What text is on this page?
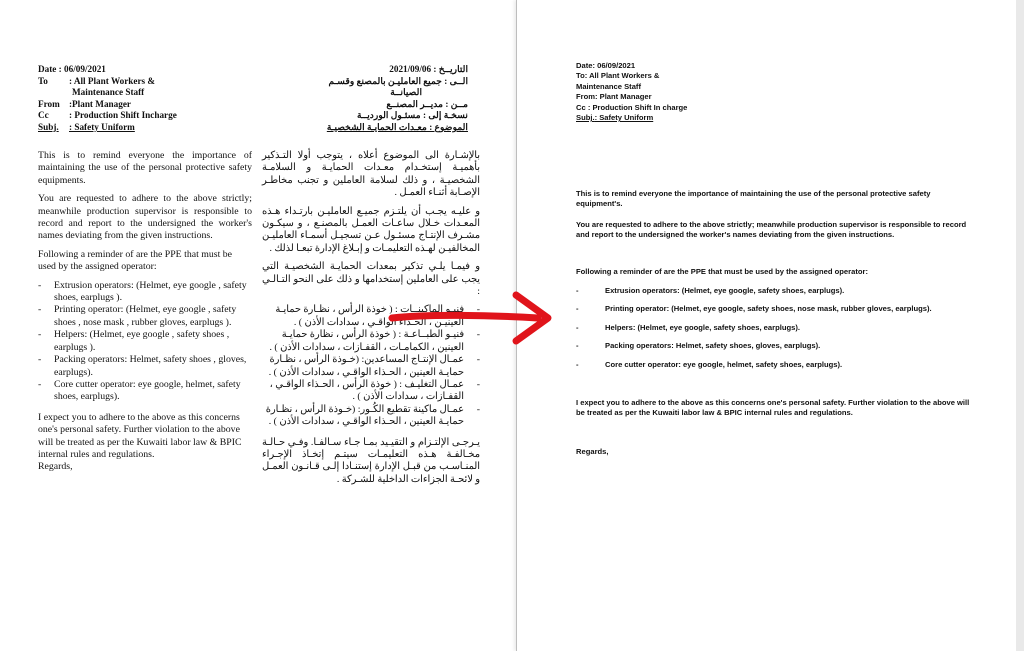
Date : 06/09/2021
To : All Plant Workers &
Maintenance Staff
From :Plant Manager
Cc : Production Shift Incharge
Subj. : Safety Uniform
التاريــخ : 2021/09/06
الــى : جميع العامليـن بالمصنع وقسـم
الصيانــة
مــن : مديــر المصنــع
نسخـة إلى : مسئـول الورديــة
الموضوع : معـدات الحمايـة الشخصيـة

This is to remind everyone the importance of maintaining the use of the personal protective safety equipments.

You are requested to adhere to the above strictly; meanwhile production supervisor is responsible to record and report to the undersigned the worker's names deviating from the given instructions.

Following a reminder of are the PPE that must be used by the assigned operator:

- Extrusion operators: (Helmet, eye google , safety shoes, earplugs ).
- Printing operator: (Helmet, eye google , safety shoes , nose mask , rubber gloves, earplugs ).
- Helpers: (Helmet, eye google , safety shoes , earplugs ).
- Packing operators: Helmet, safety shoes , gloves, earplugs).
- Core cutter operator: eye google, helmet, safety shoes, earplugs).

I expect you to adhere to the above as this concerns one's personal safety. Further violation to the above will be treated as per the Kuwaiti labor law & BPIC internal rules and regulations.

Regards,

بالإشـارة الى الموضوع أعلاه ، يتوجب أولا التـذكير بأهميـة إستخـدام معـدات الحمايـة و السلامـة الشخصيـة ، و ذلك لسلامة العاملين و تجنب مخاطـر الإصـابة أثنـاء العمـل .

و عليـه يجـب أن يلتـزم جميـع العامليـن بارتـداء هـذه المعـدات خـلال ساعـات العمـل بالمصنـع ، و سيكـون مشـرف الإنتـاج مسئـول عـن تسجيـل أسمـاء العامليـن المخالفيـن لهـذه التعليمـات و إبـلاغ الإدارة تبعـا لذلك .

و فيمـا يلـي تذكير بمعدات الحمايـة الشخصيـة التي يجب على العاملين إستخدامها و ذلك على النحو التـالـي :

- فنيـو الماكينــات : ( خوذة الرأس ، نظـارة حمايـة العينيـن ، الحـذاء الواقـي ، سدادات الأذن ) .
- فنيـو الطبــاعـة : ( خوذة الرأس ، نظارة حمايـة العينين ، الكمامـات ، القفـازات ، سدادات الأذن ) .
- عمـال الإنتـاج المساعدين: (خـوذة الرأس ، نظـارة حمايـة العينين ، الحـذاء الواقـي ، سدادات الأذن ) .
- عمـال التغليـف : ( خوذة الرأس ، الحـذاء الواقـي ، القفـازات ، سدادات الأذن ) .
- عمـال ماكينة تقطيع الكُـور: (خـوذة الرأس ، نظـارة حمايـة العينين ، الحـذاء الواقـي ، سدادات الأذن ) .

يـرجـى الإلتـزام و التقيـيد بمـا جـاء سـالفـا. وفـي حـالـة مخـالفـة هـذه التعليمـات سيتـم إتخـاذ الإجـراء المنـاسـب من قبـل الإدارة إستنـادا إلـى قـانـون العمـل و لائحـة الجزاءات الداخلية للشـركة .

Date: 06/09/2021
To: All Plant Workers &
Maintenance Staff
From: Plant Manager
Cc : Production Shift In charge
Subj.: Safety Uniform
This is to remind everyone the importance of maintaining the use of the personal protective safety equipment's.
You are requested to adhere to the above strictly; meanwhile production supervisor is responsible to record and report to the undersigned the worker's names deviating from the given instructions.
Following a reminder of are the PPE that must be used by the assigned operator:
- Extrusion operators: (Helmet, eye google, safety shoes, earplugs).
- Printing operator: (Helmet, eye google, safety shoes, nose mask, rubber gloves, earplugs).
- Helpers: (Helmet, eye google, safety shoes, earplugs).
- Packing operators: Helmet, safety shoes, gloves, earplugs).
- Core cutter operator: eye google, helmet, safety shoes, earplugs).
I expect you to adhere to the above as this concerns one's personal safety. Further violation to the above will be treated as per the Kuwaiti labor law & BPIC internal rules and regulations.
Regards,
